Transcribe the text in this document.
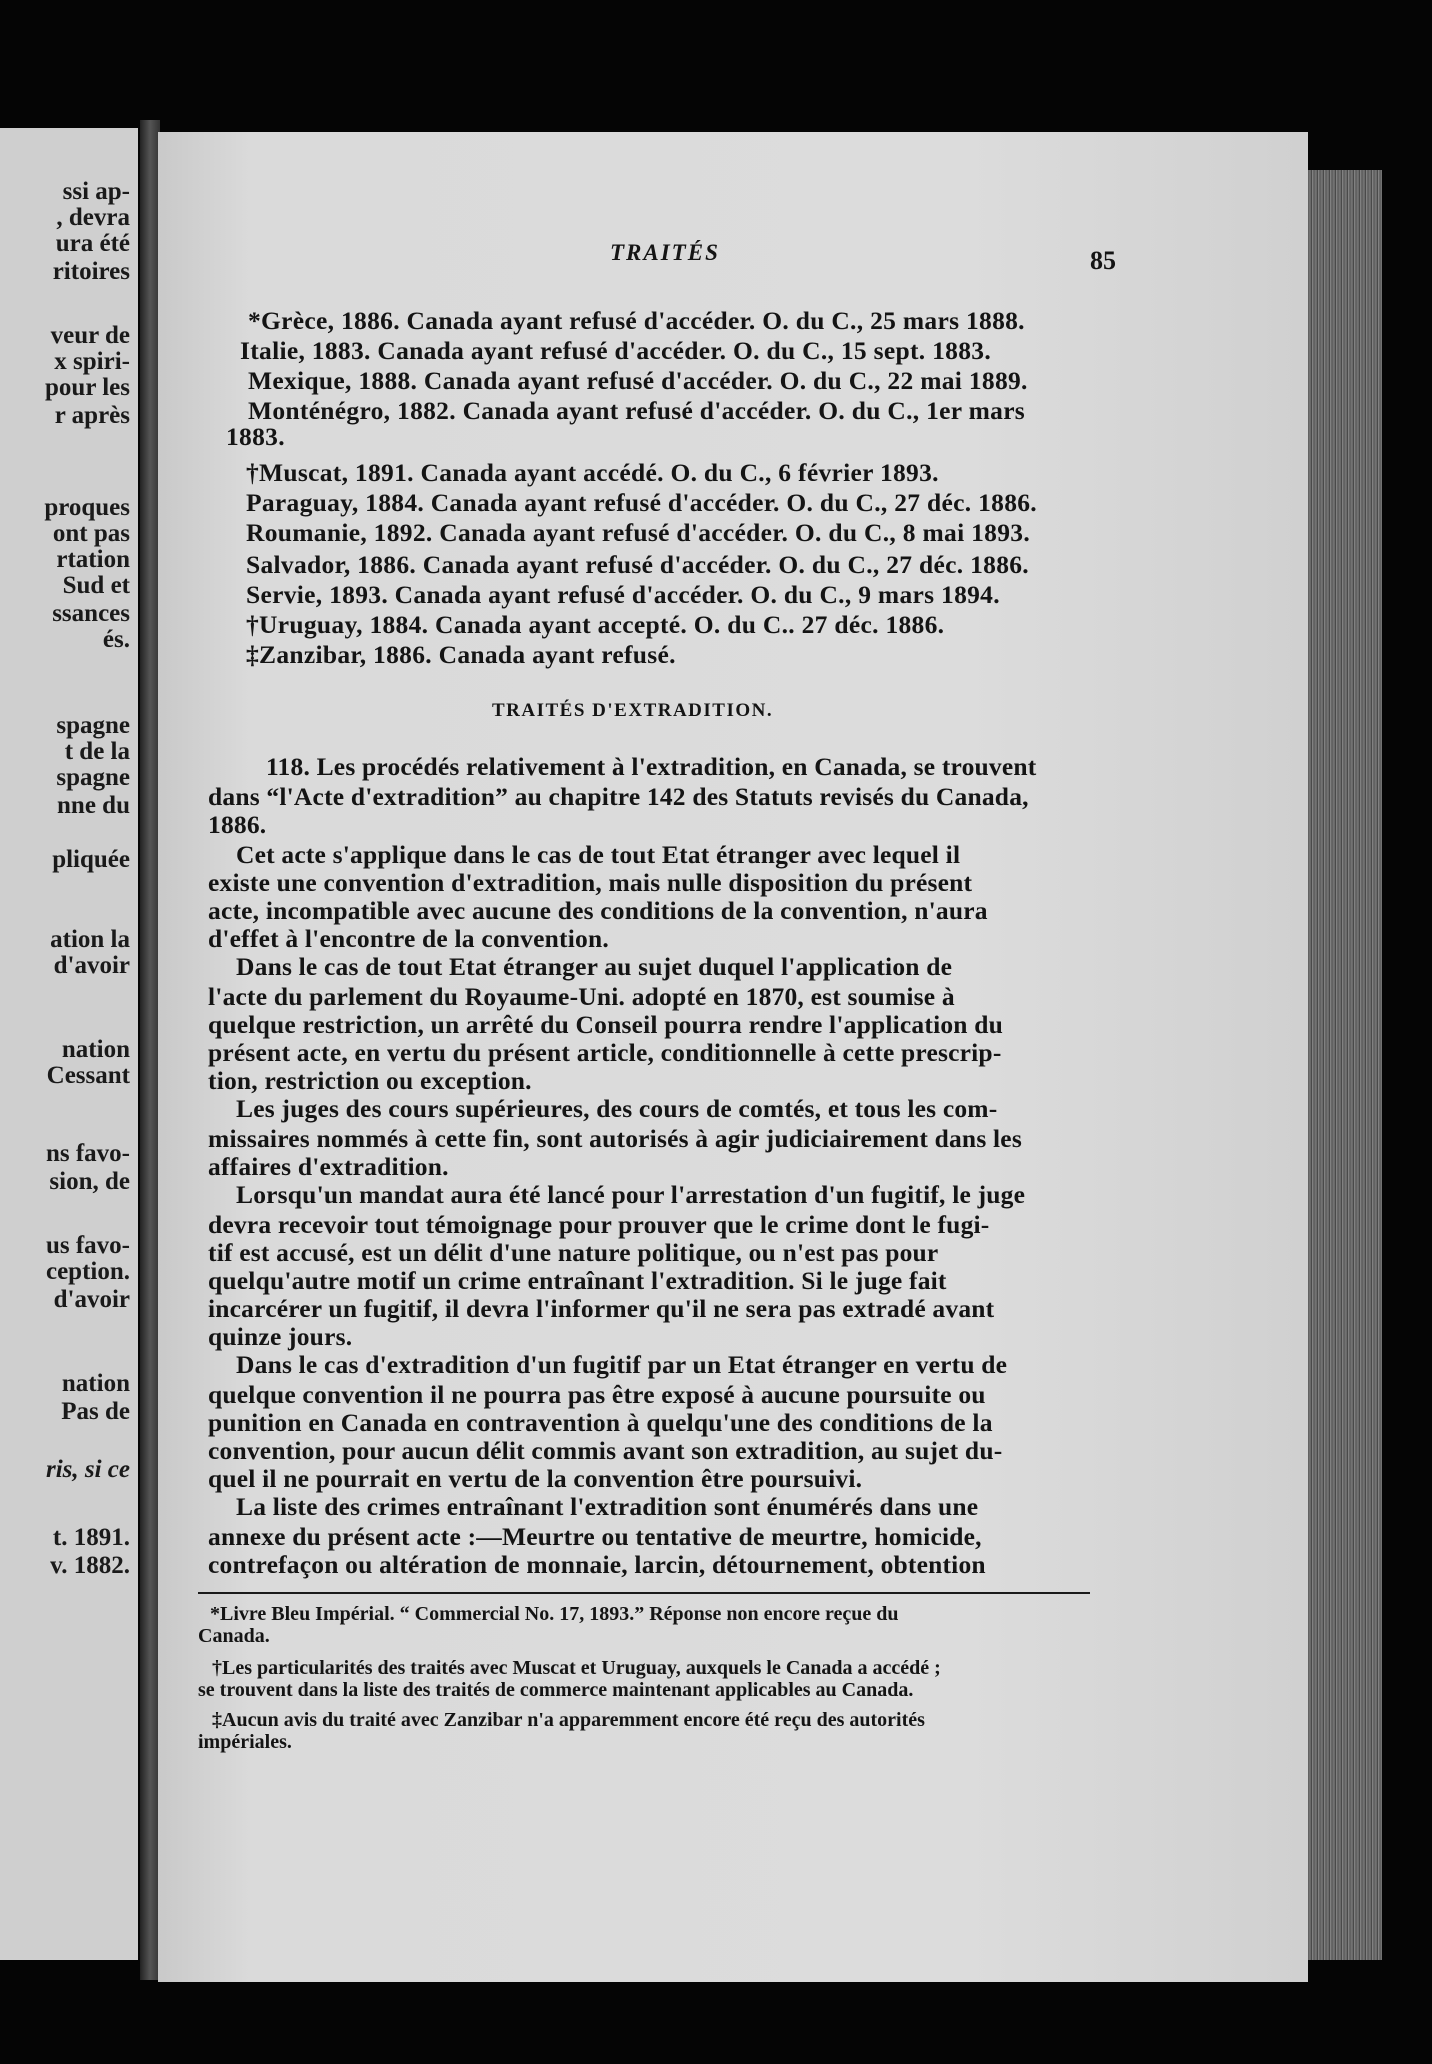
ssi ap-
, devra
ura été
ritoires
veur de
x spiri-
pour les
r après
proques
ont pas
rtation
Sud et
ssances
és.
spagne
t de la
spagne
nne du
pliquée
ation la
d'avoir
nation
Cessant
ns favo-
sion, de
us favo-
ception.
d'avoir
nation
Pas de
ris, si ce
t. 1891.
v. 1882.
TRAITÉS	85
*Grèce, 1886. Canada ayant refusé d'accéder. O. du C., 25 mars 1888.
Italie, 1883. Canada ayant refusé d'accéder. O. du C., 15 sept. 1883.
Mexique, 1888. Canada ayant refusé d'accéder. O. du C., 22 mai 1889.
Monténégro, 1882. Canada ayant refusé d'accéder. O. du C., 1er mars
1883.
†Muscat, 1891. Canada ayant accédé. O. du C., 6 février 1893.
Paraguay, 1884. Canada ayant refusé d'accéder. O. du C., 27 déc. 1886.
Roumanie, 1892. Canada ayant refusé d'accéder. O. du C., 8 mai 1893.
Salvador, 1886. Canada ayant refusé d'accéder. O. du C., 27 déc. 1886.
Servie, 1893. Canada ayant refusé d'accéder. O. du C., 9 mars 1894.
†Uruguay, 1884. Canada ayant accepté. O. du C.. 27 déc. 1886.
‡Zanzibar, 1886. Canada ayant refusé.
TRAITÉS D'EXTRADITION.
118. Les procédés relativement à l'extradition, en Canada, se trouvent
dans “l'Acte d'extradition” au chapitre 142 des Statuts revisés du Canada,
1886.
Cet acte s'applique dans le cas de tout Etat étranger avec lequel il
existe une convention d'extradition, mais nulle disposition du présent
acte, incompatible avec aucune des conditions de la convention, n'aura
d'effet à l'encontre de la convention.
Dans le cas de tout Etat étranger au sujet duquel l'application de
l'acte du parlement du Royaume-Uni. adopté en 1870, est soumise à
quelque restriction, un arrêté du Conseil pourra rendre l'application du
présent acte, en vertu du présent article, conditionnelle à cette prescrip-
tion, restriction ou exception.
Les juges des cours supérieures, des cours de comtés, et tous les com-
missaires nommés à cette fin, sont autorisés à agir judiciairement dans les
affaires d'extradition.
Lorsqu'un mandat aura été lancé pour l'arrestation d'un fugitif, le juge
devra recevoir tout témoignage pour prouver que le crime dont le fugi-
tif est accusé, est un délit d'une nature politique, ou n'est pas pour
quelqu'autre motif un crime entraînant l'extradition. Si le juge fait
incarcérer un fugitif, il devra l'informer qu'il ne sera pas extradé avant
quinze jours.
Dans le cas d'extradition d'un fugitif par un Etat étranger en vertu de
quelque convention il ne pourra pas être exposé à aucune poursuite ou
punition en Canada en contravention à quelqu'une des conditions de la
convention, pour aucun délit commis avant son extradition, au sujet du-
quel il ne pourrait en vertu de la convention être poursuivi.
La liste des crimes entraînant l'extradition sont énumérés dans une
annexe du présent acte :—Meurtre ou tentative de meurtre, homicide,
contrefaçon ou altération de monnaie, larcin, détournement, obtention
*Livre Bleu Impérial. “ Commercial No. 17, 1893.” Réponse non encore reçue du
Canada.
†Les particularités des traités avec Muscat et Uruguay, auxquels le Canada a accédé ;
se trouvent dans la liste des traités de commerce maintenant applicables au Canada.
‡Aucun avis du traité avec Zanzibar n'a apparemment encore été reçu des autorités
impériales.
